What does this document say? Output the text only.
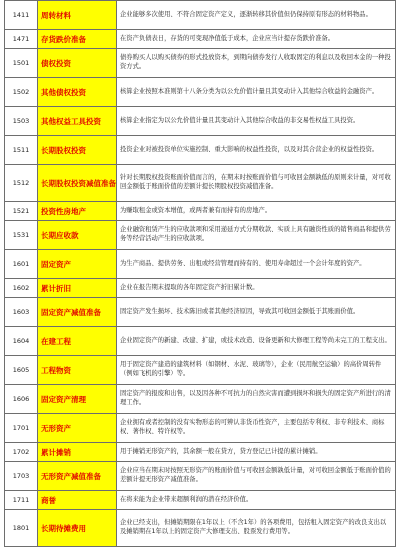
1411	周转材料	企业能够多次使用、不符合固定资产定义，逐渐转移其价值但仍保持原有形态的材料物品。
1471	存货跌价准备	在资产负债表日，存货的可变现净值低于成本，企业应当计提存货跌价准备。
1501	债权投资	债券购买人以购买债券的形式投放资本，到期向债券发行人收取固定的利息以及收回本金的一种投资方式。
1502	其他债权投资	核算企业按照本准则第十八条分类为以公允价值计量且其变动计入其他综合收益的金融资产。
1503	其他权益工具投资	核算企业指定为以公允价值计量且其变动计入其他综合收益的非交易性权益工具投资。
1511	长期股权投资	投资企业对被投资单位实施控制、重大影响的权益性投资，以及对其合营企业的权益性投资。
1512	长期股权投资减值准备	针对长期股权投资账面价值而言的，在期末时按账面价值与可收回金额孰低的原则来计量，对可收回金额低于账面价值的差额计提长期股权投资减值准备。
1521	投资性房地产	为赚取租金或资本增值，或两者兼有而持有的房地产。
1531	长期应收款	企业融资租赁产生的应收款项和采用递延方式分期收款、实质上具有融资性质的销售商品和提供劳务等经营活动产生的应收款项。
1601	固定资产	为生产商品、提供劳务、出租或经营管理而持有的、使用寿命超过一个会计年度的资产。
1602	累计折旧	企业在报告期末提取的各年固定资产折旧累计数。
1603	固定资产减值准备	固定资产发生损坏、技术陈旧或者其他经济原因，导致其可收回金额低于其账面价值。
1604	在建工程	企业固定资产的新建、改建、扩建，或技术改造、设备更新和大修理工程等尚未完工的工程支出。
1605	工程物资	用于固定资产建造的建筑材料（如钢材、水泥、玻璃等），企业（民用航空运输）的高价周转件（例如飞机的引擎）等。
1606	固定资产清理	固定资产的报废和出售，以及因各种不可抗力的自然灾害而遭到损坏和损失的固定资产所进行的清理工作。
1701	无形资产	企业拥有或者控制的没有实物形态的可辨认非货币性资产，主要包括专利权、非专利技术、商标权、著作权、特许权等。
1702	累计摊销	用于摊销无形资产的，其余额一般在贷方，贷方登记已计提的累计摊销。
1703	无形资产减值准备	企业应当在期末时按照无形资产的账面价值与可收回金额孰低计量，对可收回金额低于账面价值的差额计提无形资产减值准备。
1711	商誉	在将来能为企业带来超额利润的潜在经济价值。
1801	长期待摊费用	企业已经支出，但摊销期限在1年以上（不含1年）的各项费用，包括租入固定资产的改良支出以及摊销期在1年以上的固定资产大修理支出、股票发行费用等。
